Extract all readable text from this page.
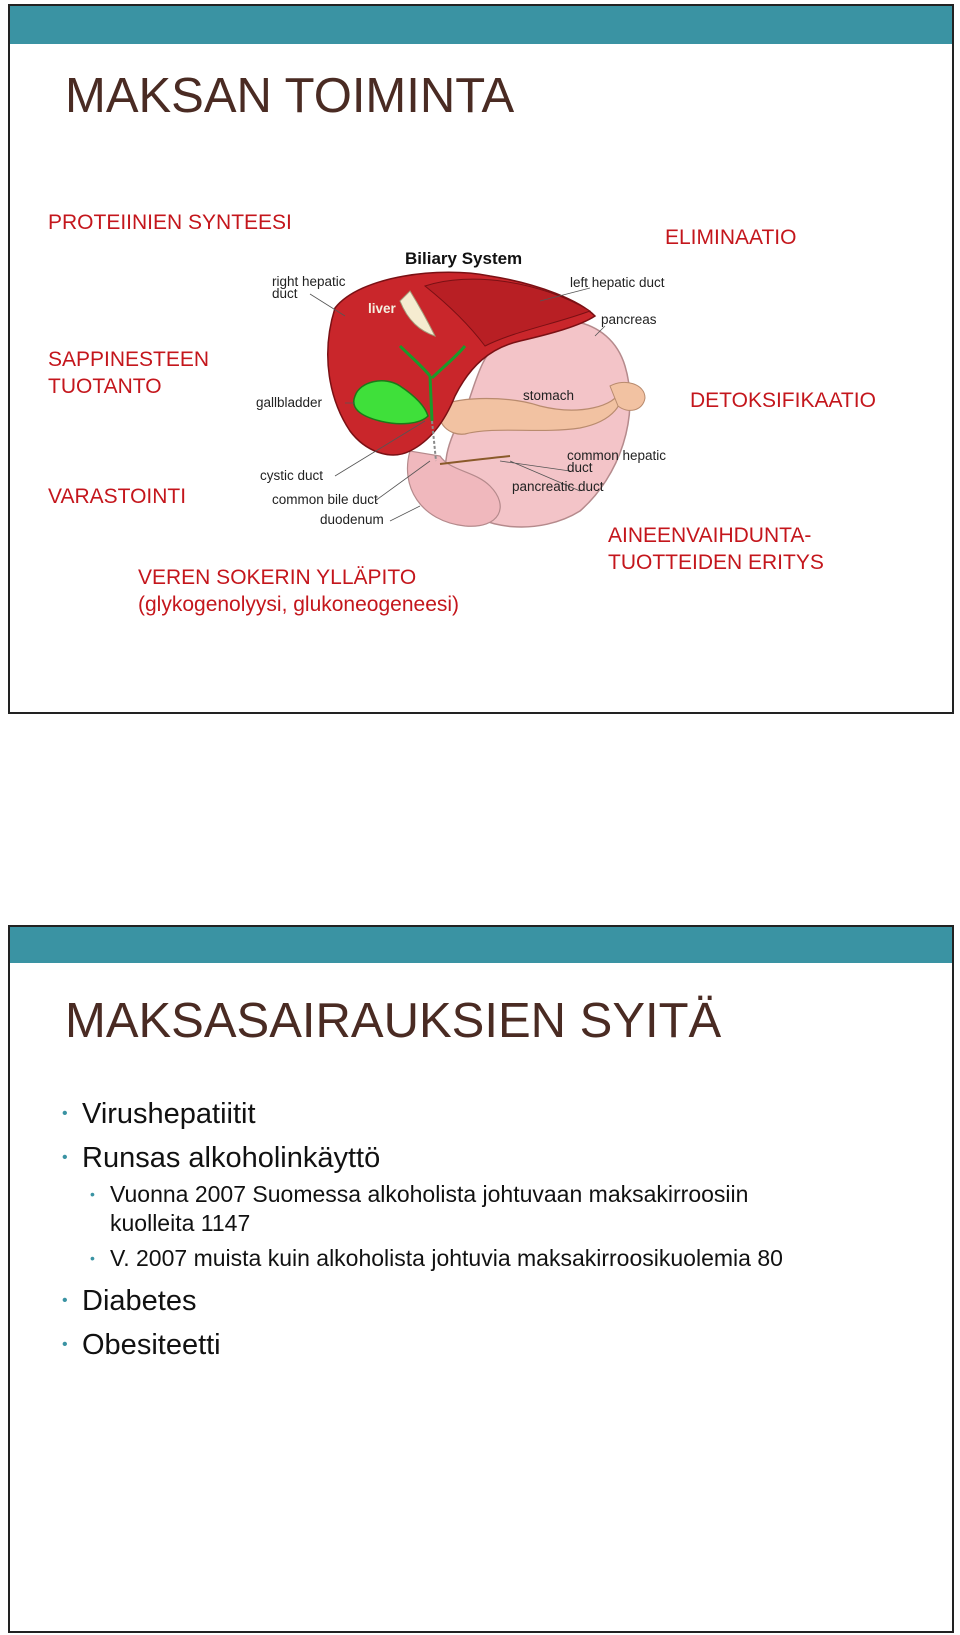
MAKSAN TOIMINTA
PROTEIINIEN SYNTEESI
ELIMINAATIO
SAPPINESTEEN
TUOTANTO
DETOKSIFIKAATIO
VARASTOINTI
AINEENVAIHDUNTA-
TUOTTEIDEN ERITYS
VEREN SOKERIN YLLÄPITO
(glykogenolyysi, glukoneogeneesi)
Biliary System
right hepatic
duct
liver
left hepatic duct
pancreas
gallbladder	stomach
cystic duct
common bile duct
duodenum
common hepatic
duct
pancreatic duct
MAKSASAIRAUKSIEN SYITÄ
• Virushepatiitit
• Runsas alkoholinkäyttö
• Vuonna 2007 Suomessa alkoholista johtuvaan maksakirroosiin
kuolleita 1147
• V. 2007 muista kuin alkoholista johtuvia maksakirroosikuolemia 80
• Diabetes
• Obesiteetti
